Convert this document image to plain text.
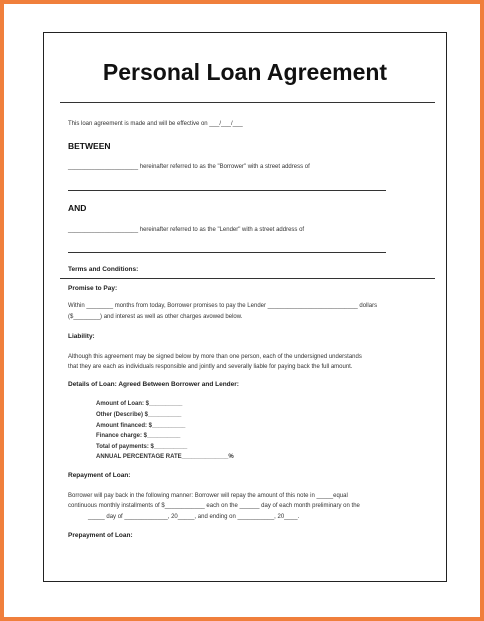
Personal Loan Agreement
This loan agreement is made and will be effective on ___/___/___
BETWEEN
_____________________ hereinafter referred to as the "Borrower" with a street address of
AND
_____________________ hereinafter referred to as the "Lender" with a street address of
Terms and Conditions:
Promise to Pay:
Within ________ months from today, Borrower promises to pay the Lender ___________________________ dollars
($________) and interest as well as other charges avowed below.
Liability:
Although this agreement may be signed below by more than one person, each of the undersigned understands
that they are each as individuals responsible and jointly and severally liable for paying back the full amount.
Details of Loan: Agreed Between Borrower and Lender:
Amount of Loan: $__________
Other (Describe) $__________
Amount financed: $__________
Finance charge: $__________
Total of payments: $__________
ANNUAL PERCENTAGE RATE______________%
Repayment of Loan:
Borrower will pay back in the following manner: Borrower will repay the amount of this note in _____equal
continuous monthly installments of $____________ each on the ______ day of each month preliminary on the
_____ day of _____________, 20_____, and ending on ___________, 20____.
Prepayment of Loan:
